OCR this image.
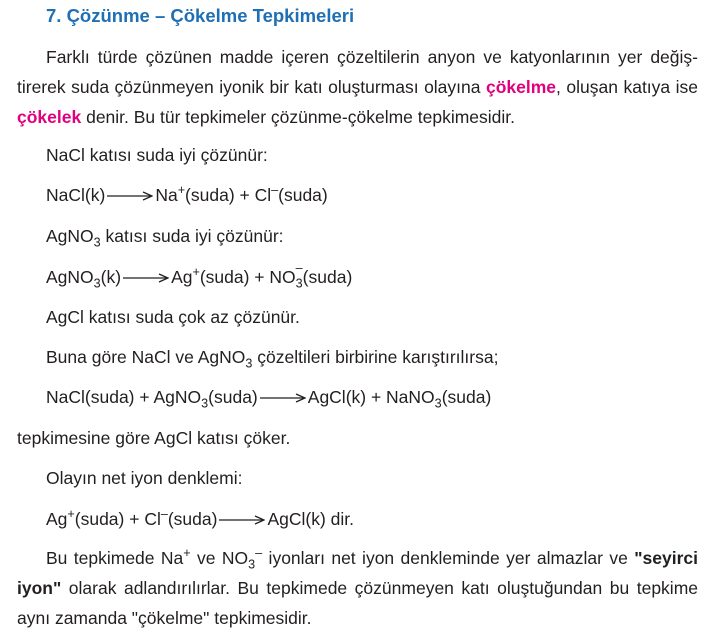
7. Çözünme – Çökelme Tepkimeleri
Farklı türde çözünen madde içeren çözeltilerin anyon ve katyonlarının yer değiş-tirerek suda çözünmeyen iyonik bir katı oluşturması olayına çökelme, oluşan katıya ise çökelek denir. Bu tür tepkimeler çözünme-çökelme tepkimesidir.
NaCl katısı suda iyi çözünür:
NaCl(k) → Na+(suda) + Cl–(suda)
AgNO$_3$ katısı suda iyi çözünür:
AgNO$_3$(k) → Ag+(suda) + $NO_3$
– (suda)
AgCl katısı suda çok az çözünür.
Buna göre NaCl ve AgNO$_3$ çözeltileri birbirine karıştırılırsa;
NaCl(suda) + AgNO$_3$(suda) → AgCl(k) + NaNO$_3$(suda)
tepkimesine göre AgCl katısı çöker.
Olayın net iyon denklemi:
Ag+(suda) + Cl–(suda) → AgCl(k) dir.
Bu tepkimede Na+ ve $NO_3^-$ iyonları net iyon denkleminde yer almazlar ve "seyirci iyon" olarak adlandırılırlar. Bu tepkimede çözünmeyen katı oluştuğundan bu tepkime aynı zamanda "çökelme" tepkimesidir.
